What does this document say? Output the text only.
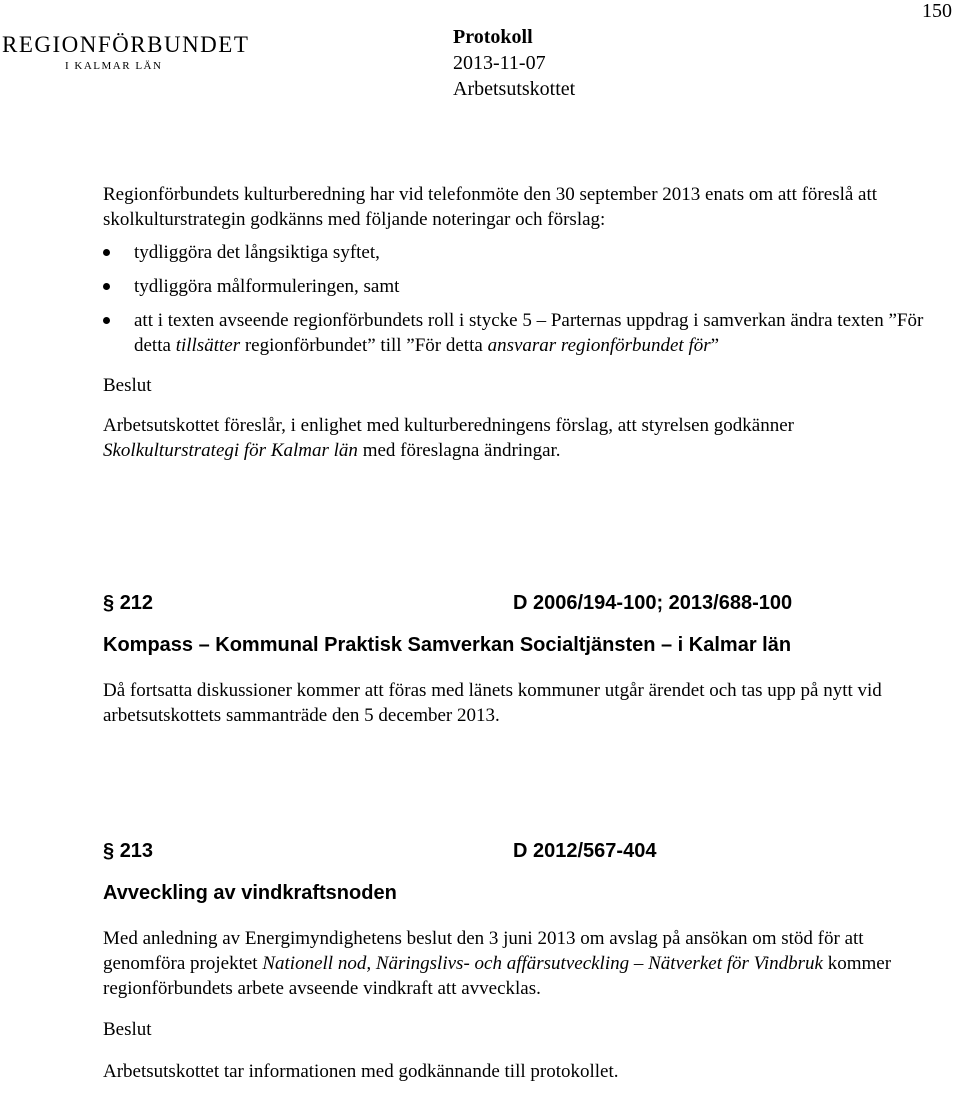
150
REGIONFÖRBUNDET
I KALMAR LÄN
Protokoll
2013-11-07
Arbetsutskottet

Regionförbundets kulturberedning har vid telefonmöte den 30 september 2013 enats om att föreslå att skolkulturstrategin godkänns med följande noteringar och förslag:

tydliggöra det långsiktiga syftet,
tydliggöra målformuleringen, samt
att i texten avseende regionförbundets roll i stycke 5 – Parternas uppdrag i samverkan ändra texten ”För detta tillsätter regionförbundet” till ”För detta ansvarar regionförbundet för”

Beslut

Arbetsutskottet föreslår, i enlighet med kulturberedningens förslag, att styrelsen godkänner Skolkulturstrategi för Kalmar län med föreslagna ändringar.

§ 212	D 2006/194-100; 2013/688-100
Kompass – Kommunal Praktisk Samverkan Socialtjänsten – i Kalmar län

Då fortsatta diskussioner kommer att föras med länets kommuner utgår ärendet och tas upp på nytt vid arbetsutskottets sammanträde den 5 december 2013.

§ 213	D 2012/567-404
Avveckling av vindkraftsnoden

Med anledning av Energimyndighetens beslut den 3 juni 2013 om avslag på ansökan om stöd för att genomföra projektet Nationell nod, Näringslivs- och affärsutveckling – Nätverket för Vindbruk kommer regionförbundets arbete avseende vindkraft att avvecklas.

Beslut

Arbetsutskottet tar informationen med godkännande till protokollet.
